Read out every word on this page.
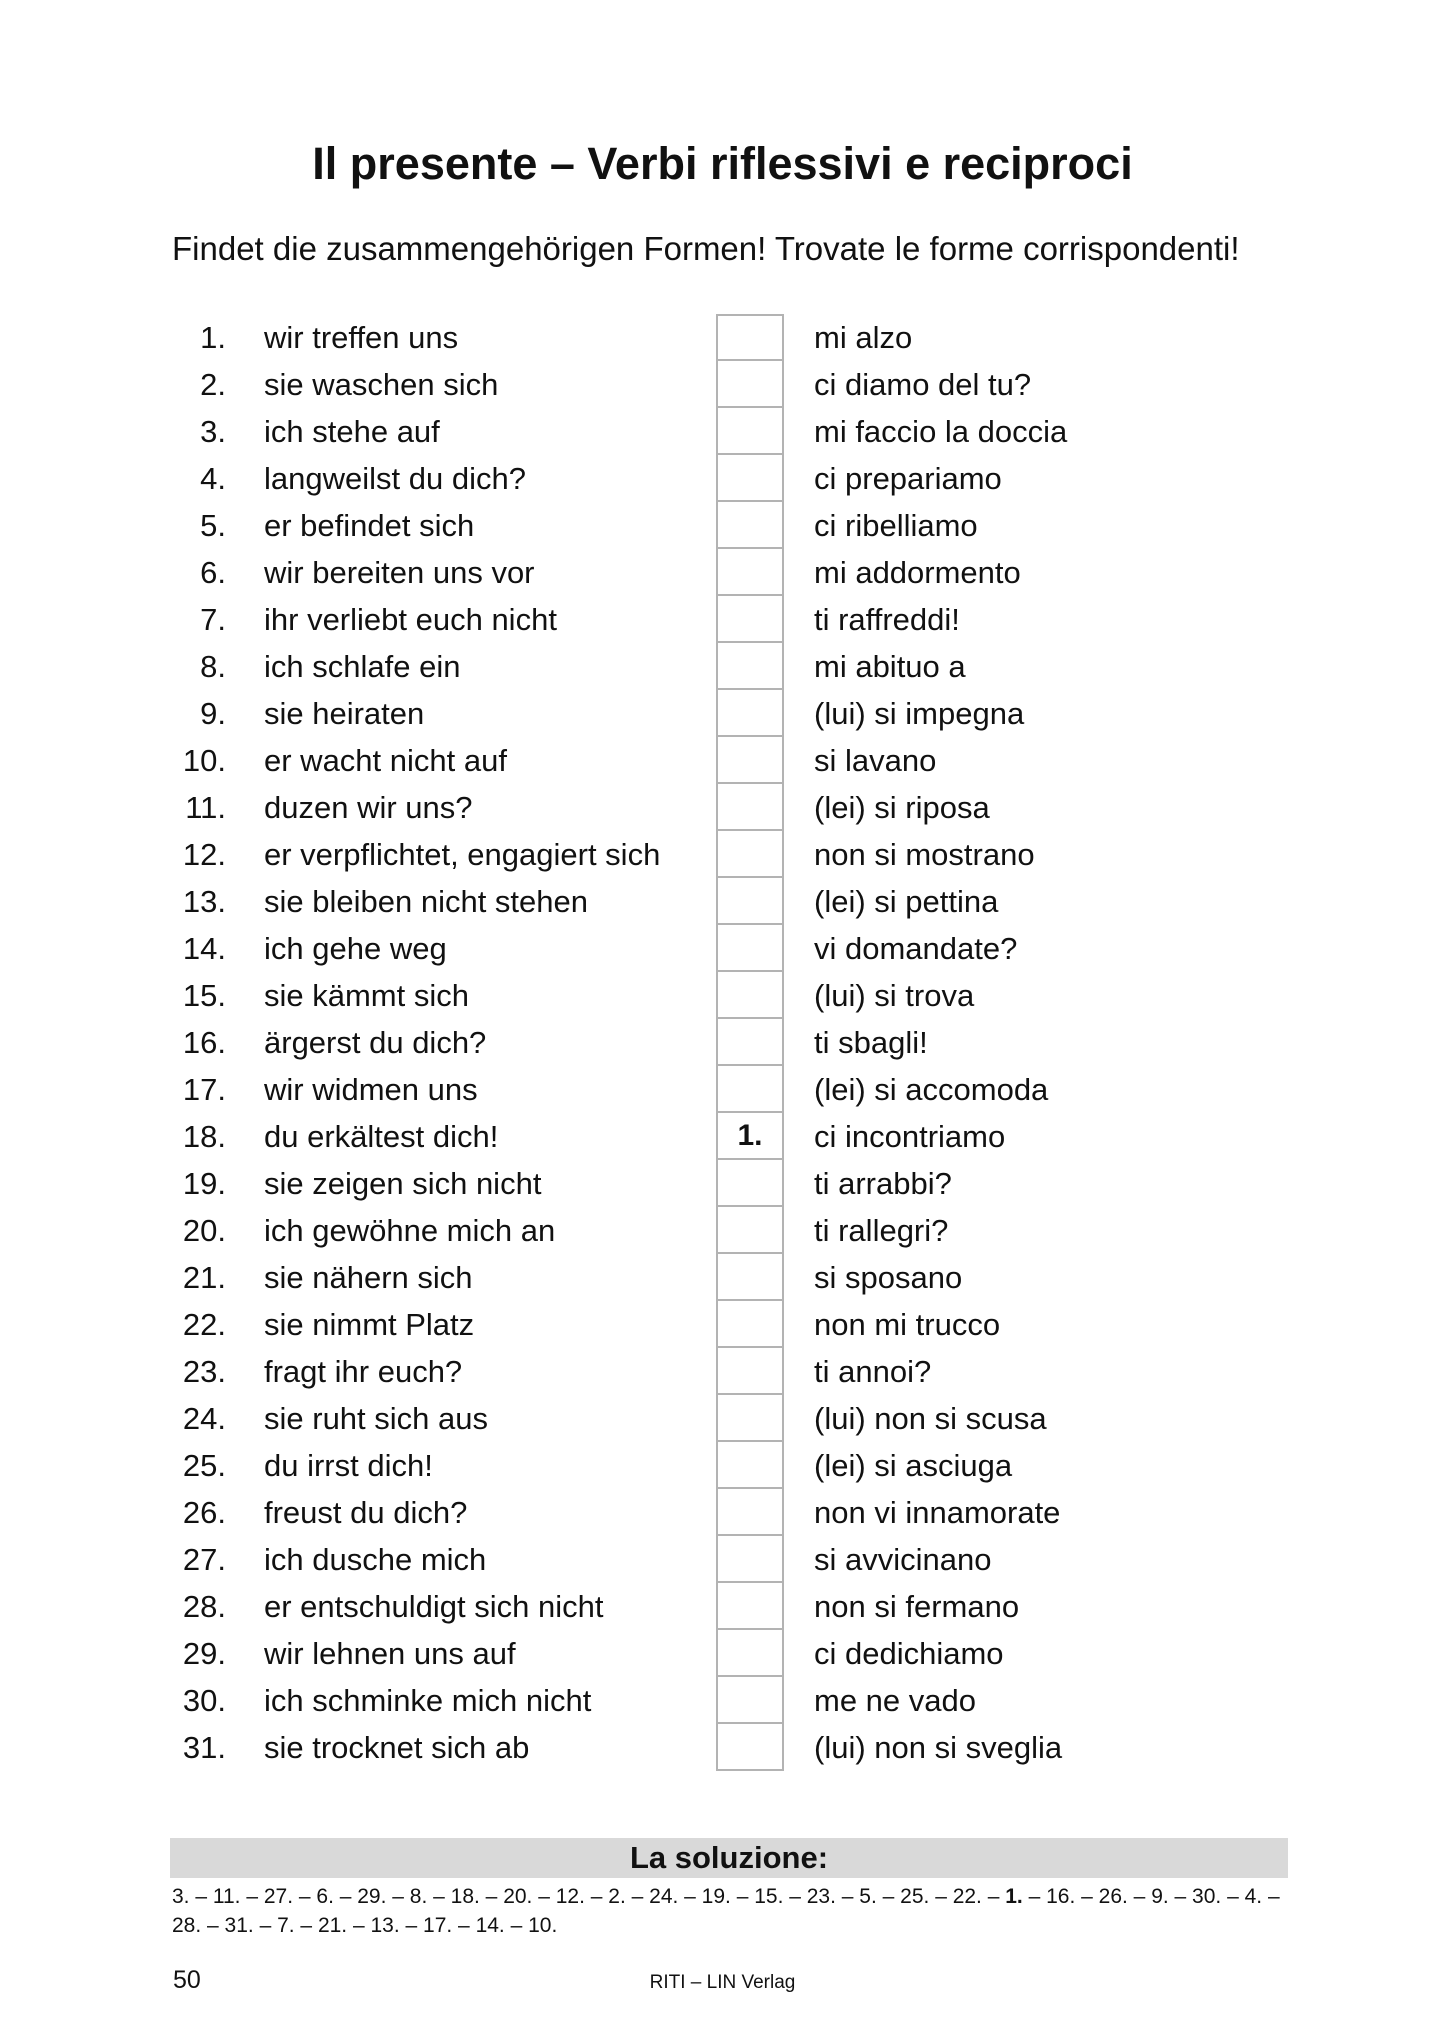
Il presente – Verbi riflessivi e reciproci
Findet die zusammengehörigen Formen! Trovate le forme corrispondenti!
1. wir treffen uns	mi alzo
2. sie waschen sich	ci diamo del tu?
3. ich stehe auf	mi faccio la doccia
4. langweilst du dich?	ci prepariamo
5. er befindet sich	ci ribelliamo
6. wir bereiten uns vor	mi addormento
7. ihr verliebt euch nicht	ti raffreddi!
8. ich schlafe ein	mi abituo a
9. sie heiraten	(lui) si impegna
10. er wacht nicht auf	si lavano
11. duzen wir uns?	(lei) si riposa
12. er verpflichtet, engagiert sich	non si mostrano
13. sie bleiben nicht stehen	(lei) si pettina
14. ich gehe weg	vi domandate?
15. sie kämmt sich	(lui) si trova
16. ärgerst du dich?	ti sbagli!
17. wir widmen uns	(lei) si accomoda
18. du erkältest dich!	1.	ci incontriamo
19. sie zeigen sich nicht	ti arrabbi?
20. ich gewöhne mich an	ti rallegri?
21. sie nähern sich	si sposano
22. sie nimmt Platz	non mi trucco
23. fragt ihr euch?	ti annoi?
24. sie ruht sich aus	(lui) non si scusa
25. du irrst dich!	(lei) si asciuga
26. freust du dich?	non vi innamorate
27. ich dusche mich	si avvicinano
28. er entschuldigt sich nicht	non si fermano
29. wir lehnen uns auf	ci dedichiamo
30. ich schminke mich nicht	me ne vado
31. sie trocknet sich ab	(lui) non si sveglia
La soluzione:
3. – 11. – 27. – 6. – 29. – 8. – 18. – 20. – 12. – 2. – 24. – 19. – 15. – 23. – 5. – 25. – 22. – 1. – 16. – 26. – 9. – 30. – 4. – 28. – 31. – 7. – 21. – 13. – 17. – 14. – 10.
50	RITI – LIN Verlag
